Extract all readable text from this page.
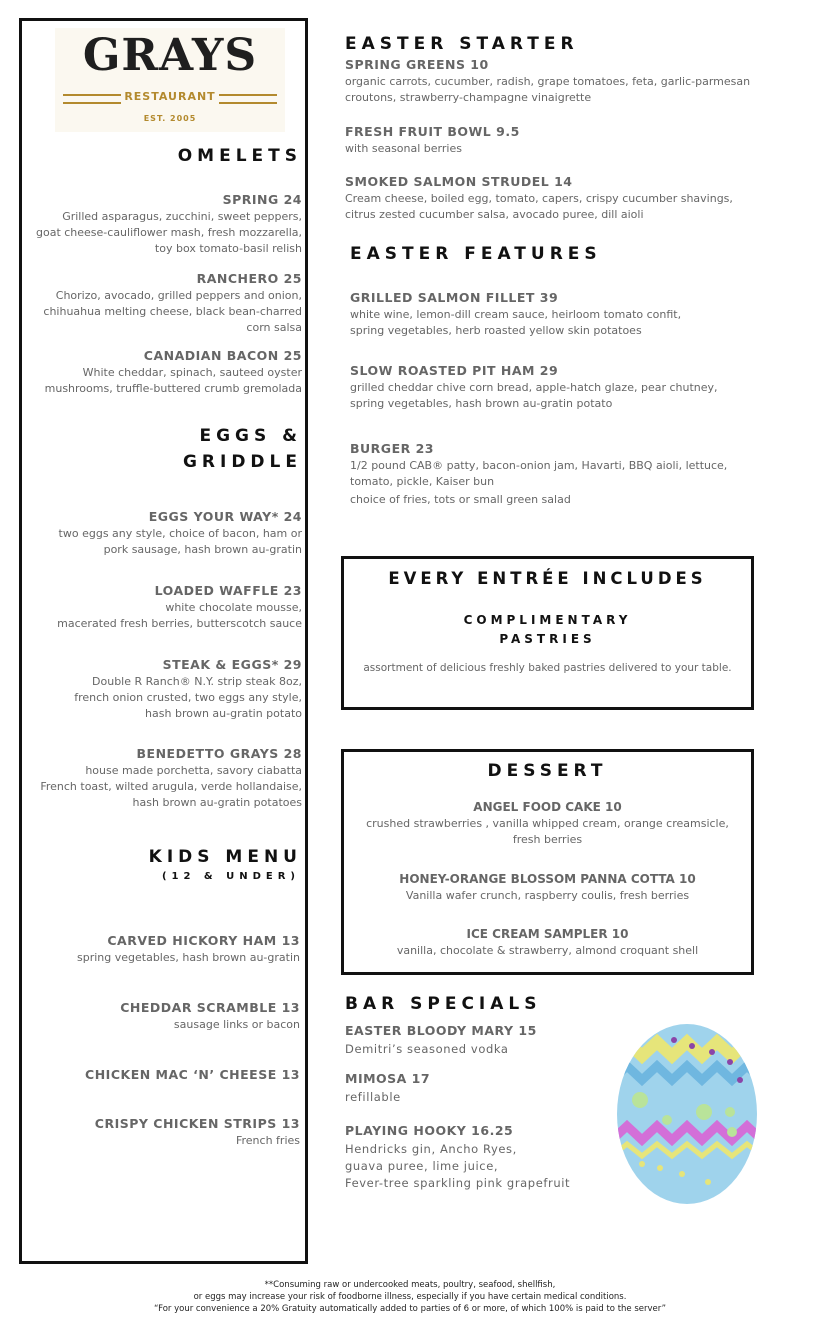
GRAYS
RESTAURANT
EST. 2005
OMELETS
SPRING 24
Grilled asparagus, zucchini, sweet peppers,
goat cheese-cauliflower mash, fresh mozzarella,
toy box tomato-basil relish
RANCHERO 25
Chorizo, avocado, grilled peppers and onion,
chihuahua melting cheese, black bean-charred
corn salsa
CANADIAN BACON 25
White cheddar, spinach, sauteed oyster
mushrooms, truffle-buttered crumb gremolada
EGGS &
GRIDDLE
EGGS YOUR WAY* 24
two eggs any style, choice of bacon, ham or
pork sausage, hash brown au-gratin
LOADED WAFFLE 23
white chocolate mousse,
macerated fresh berries, butterscotch sauce
STEAK & EGGS* 29
Double R Ranch® N.Y. strip steak 8oz,
french onion crusted, two eggs any style,
hash brown au-gratin potato
BENEDETTO GRAYS 28
house made porchetta, savory ciabatta
French toast, wilted arugula, verde hollandaise,
hash brown au-gratin potatoes
KIDS MENU
(12 & UNDER)
CARVED HICKORY HAM 13
spring vegetables, hash brown au-gratin
CHEDDAR SCRAMBLE 13
sausage links or bacon
CHICKEN MAC ‘N’ CHEESE 13
CRISPY CHICKEN STRIPS 13
French fries
EASTER STARTER
SPRING GREENS 10
organic carrots, cucumber, radish, grape tomatoes, feta, garlic-parmesan
croutons, strawberry-champagne vinaigrette
FRESH FRUIT BOWL 9.5
with seasonal berries
SMOKED SALMON STRUDEL 14
Cream cheese, boiled egg, tomato, capers, crispy cucumber shavings,
citrus zested cucumber salsa, avocado puree, dill aioli
EASTER FEATURES
GRILLED SALMON FILLET 39
white wine, lemon-dill cream sauce, heirloom tomato confit,
spring vegetables, herb roasted yellow skin potatoes
SLOW ROASTED PIT HAM 29
grilled cheddar chive corn bread, apple-hatch glaze, pear chutney,
spring vegetables, hash brown au-gratin potato
BURGER 23
1/2 pound CAB® patty, bacon-onion jam, Havarti, BBQ aioli, lettuce,
tomato, pickle, Kaiser bun
choice of fries, tots or small green salad
EVERY ENTRÉE INCLUDES
COMPLIMENTARY
PASTRIES
assortment of delicious freshly baked pastries delivered to your table.
DESSERT
ANGEL FOOD CAKE 10
crushed strawberries , vanilla whipped cream, orange creamsicle,
fresh berries
HONEY-ORANGE BLOSSOM PANNA COTTA 10
Vanilla wafer crunch, raspberry coulis, fresh berries
ICE CREAM SAMPLER 10
vanilla, chocolate & strawberry, almond croquant shell
BAR SPECIALS
EASTER BLOODY MARY 15
Demitri’s seasoned vodka
MIMOSA 17
refillable
PLAYING HOOKY 16.25
Hendricks gin, Ancho Ryes,
guava puree, lime juice,
Fever-tree sparkling pink grapefruit
**Consuming raw or undercooked meats, poultry, seafood, shellfish,
or eggs may increase your risk of foodborne illness, especially if you have certain medical conditions.
“For your convenience a 20% Gratuity automatically added to parties of 6 or more, of which 100% is paid to the server”
